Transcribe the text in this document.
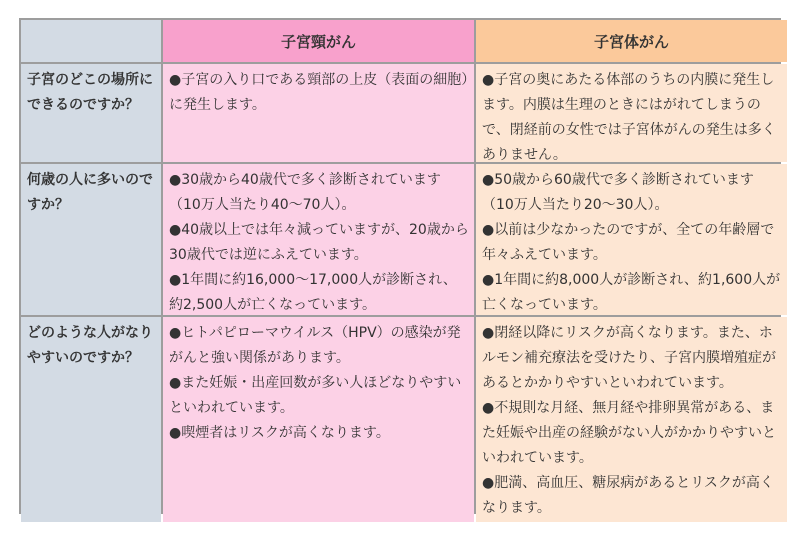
子宮頸がん	子宮体がん
子宮のどこの場所にできるのですか？
●子宮の入り口である頸部の上皮（表面の細胞）に発生します。
●子宮の奥にあたる体部のうちの内膜に発生します。内膜は生理のときにはがれてしまうので、閉経前の女性では子宮体がんの発生は多くありません。
何歳の人に多いのですか？
●30歳から40歳代で多く診断されています（10万人当たり40～70人）。
●40歳以上では年々減っていますが、20歳から30歳代では逆にふえています。
●1年間に約16,000～17,000人が診断され、約2,500人が亡くなっています。
●50歳から60歳代で多く診断されています（10万人当たり20～30人）。
●以前は少なかったのですが、全ての年齢層で年々ふえています。
●1年間に約8,000人が診断され、約1,600人が亡くなっています。
どのような人がなりやすいのですか？
●ヒトパピローマウイルス（HPV）の感染が発がんと強い関係があります。
●また妊娠・出産回数が多い人ほどなりやすいといわれています。
●喫煙者はリスクが高くなります。
●閉経以降にリスクが高くなります。また、ホルモン補充療法を受けたり、子宮内膜増殖症があるとかかりやすいといわれています。
●不規則な月経、無月経や排卵異常がある、また妊娠や出産の経験がない人がかかりやすいといわれています。
●肥満、高血圧、糖尿病があるとリスクが高くなります。
